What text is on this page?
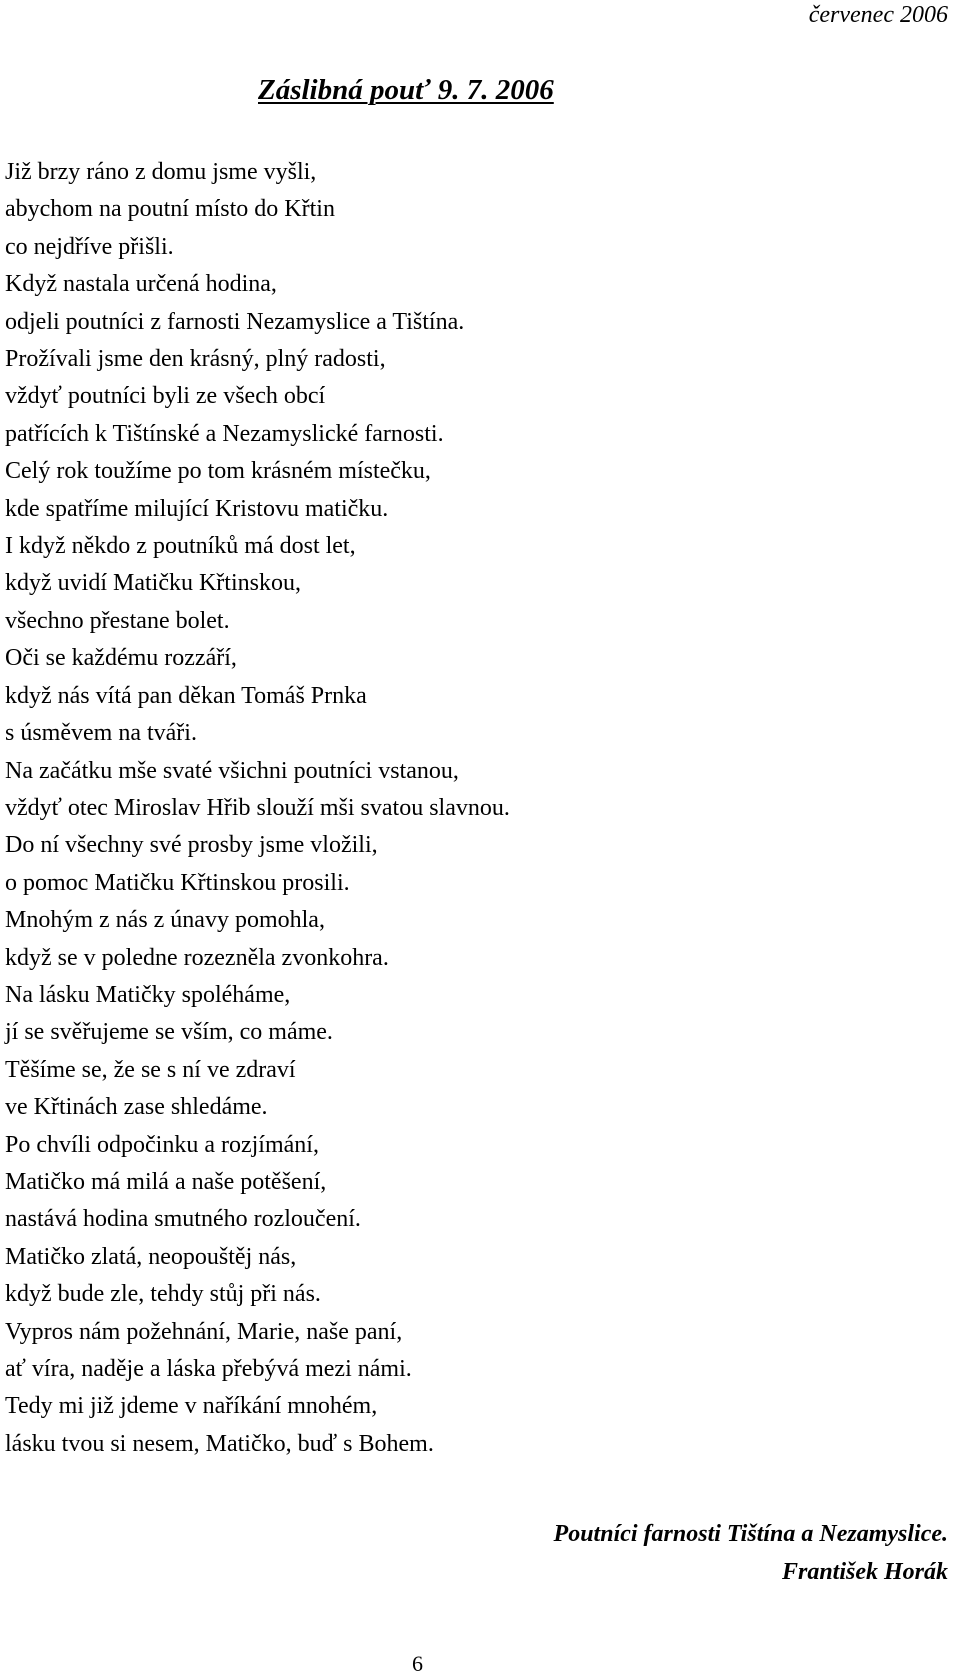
červenec 2006

Záslibná pouť 9. 7. 2006
Již brzy ráno z domu jsme vyšli,
abychom na poutní místo do Křtin
co nejdříve přišli.
Když nastala určená hodina,
odjeli poutníci z farnosti Nezamyslice a Tištína.
Prožívali jsme den krásný, plný radosti,
vždyť poutníci byli ze všech obcí
patřících k Tištínské a Nezamyslické farnosti.
Celý rok toužíme po tom krásném místečku,
kde spatříme milující Kristovu matičku.
I když někdo z poutníků má dost let,
když uvidí Matičku Křtinskou,
všechno přestane bolet.
Oči se každému rozzáří,
když nás vítá pan děkan Tomáš Prnka
s úsměvem na tváři.
Na začátku mše svaté všichni poutníci vstanou,
vždyť otec Miroslav Hřib slouží mši svatou slavnou.
Do ní všechny své prosby jsme vložili,
o pomoc Matičku Křtinskou prosili.
Mnohým z nás z únavy pomohla,
když se v poledne rozezněla zvonkohra.
Na lásku Matičky spoléháme,
jí se svěřujeme se vším, co máme.
Těšíme se, že se s ní ve zdraví
ve Křtinách zase shledáme.
Po chvíli odpočinku a rozjímání,
Matičko má milá a naše potěšení,
nastává hodina smutného rozloučení.
Matičko zlatá, neopouštěj nás,
když bude zle, tehdy stůj při nás.
Vypros nám požehnání, Marie, naše paní,
ať víra, naděje a láska přebývá mezi námi.
Tedy mi již jdeme v naříkání mnohém,
lásku tvou si nesem, Matičko, buď s Bohem.
Poutníci farnosti Tištína a Nezamyslice.
František Horák

6
